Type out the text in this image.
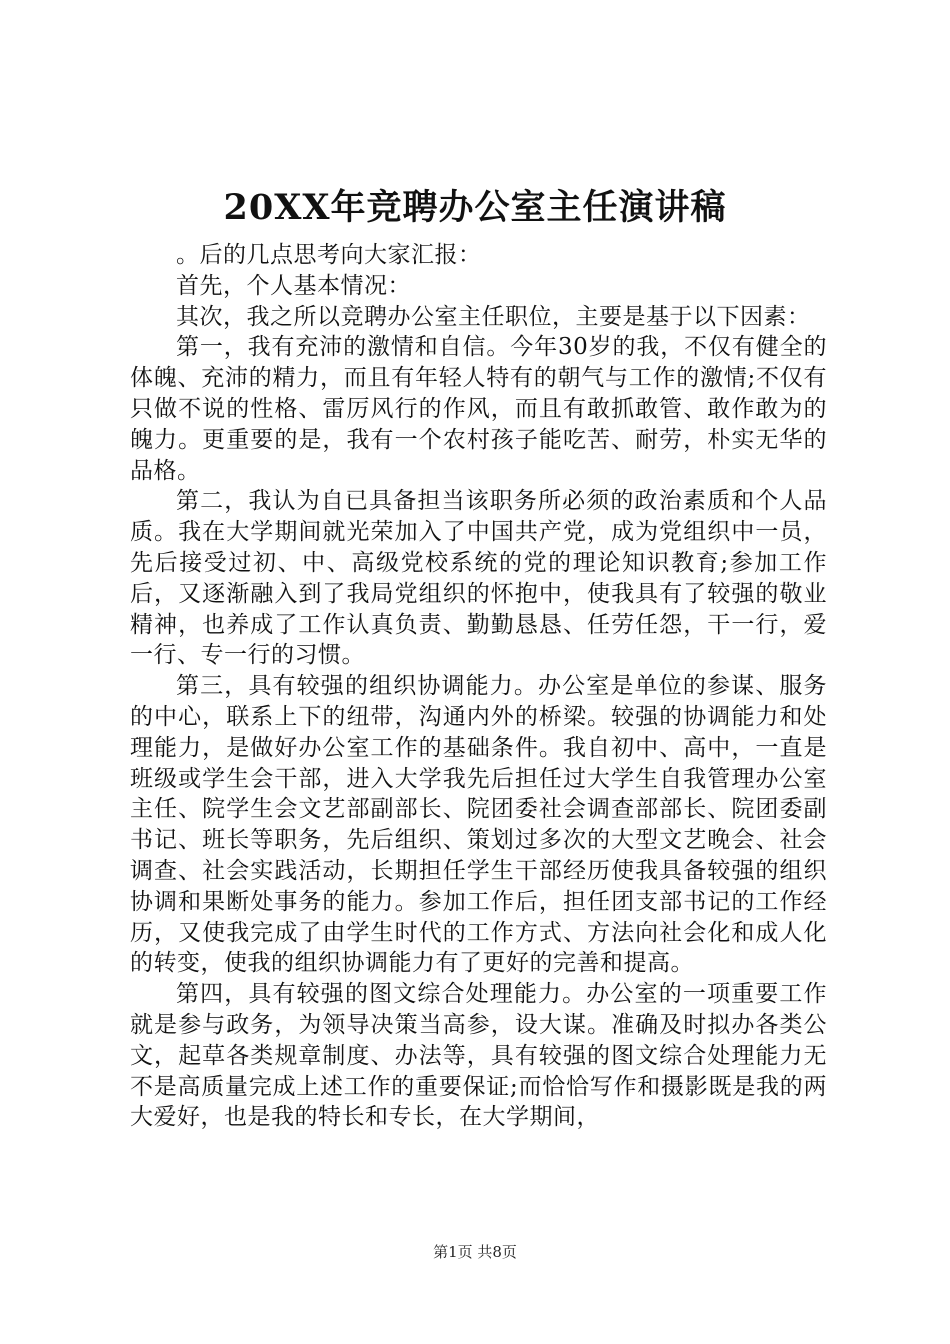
20XX年竞聘办公室主任演讲稿

。后的几点思考向大家汇报：

首先，个人基本情况：

其次，我之所以竞聘办公室主任职位，主要是基于以下因素：

第一，我有充沛的激情和自信。今年30岁的我，不仅有健全的体魄、充沛的精力，而且有年轻人特有的朝气与工作的激情;不仅有只做不说的性格、雷厉风行的作风，而且有敢抓敢管、敢作敢为的魄力。更重要的是，我有一个农村孩子能吃苦、耐劳，朴实无华的品格。

第二，我认为自已具备担当该职务所必须的政治素质和个人品质。我在大学期间就光荣加入了中国共产党，成为党组织中一员，先后接受过初、中、高级党校系统的党的理论知识教育;参加工作后，又逐渐融入到了我局党组织的怀抱中，使我具有了较强的敬业精神，也养成了工作认真负责、勤勤恳恳、任劳任怨，干一行，爱一行、专一行的习惯。

第三，具有较强的组织协调能力。办公室是单位的参谋、服务的中心，联系上下的纽带，沟通内外的桥梁。较强的协调能力和处理能力，是做好办公室工作的基础条件。我自初中、高中，一直是班级或学生会干部，进入大学我先后担任过大学生自我管理办公室主任、院学生会文艺部副部长、院团委社会调查部部长、院团委副书记、班长等职务，先后组织、策划过多次的大型文艺晚会、社会调查、社会实践活动，长期担任学生干部经历使我具备较强的组织协调和果断处事务的能力。参加工作后，担任团支部书记的工作经历，又使我完成了由学生时代的工作方式、方法向社会化和成人化的转变，使我的组织协调能力有了更好的完善和提高。

第四，具有较强的图文综合处理能力。办公室的一项重要工作就是参与政务，为领导决策当高参，设大谋。准确及时拟办各类公文，起草各类规章制度、办法等，具有较强的图文综合处理能力无不是高质量完成上述工作的重要保证;而恰恰写作和摄影既是我的两大爱好，也是我的特长和专长，在大学期间，

第1页 共8页
